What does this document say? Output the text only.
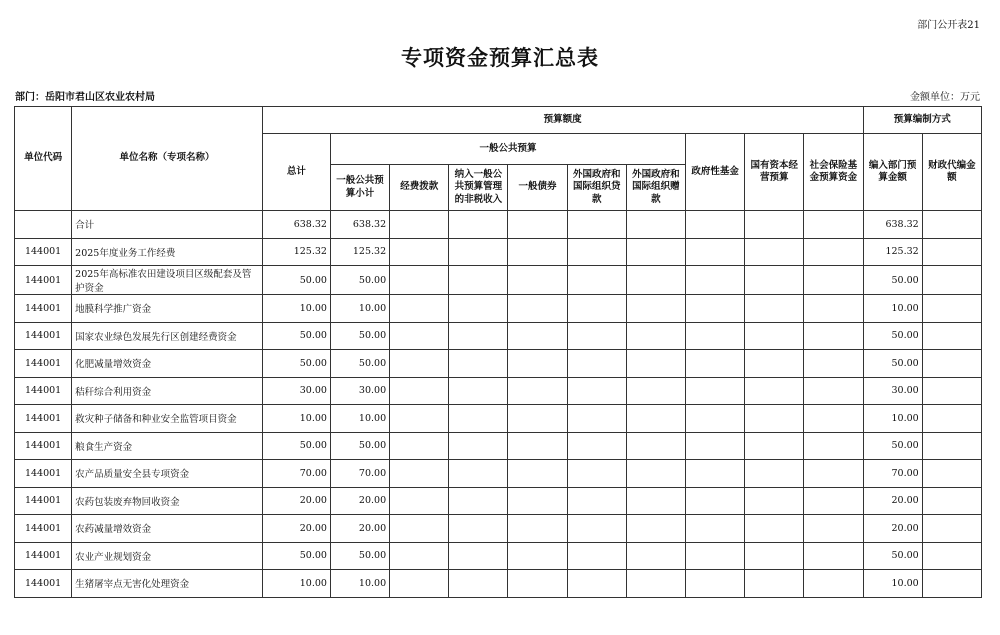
部门公开表21
专项资金预算汇总表
部门：岳阳市君山区农业农村局	金额单位：万元
单位代码	单位名称（专项名称）	预算额度										预算编制方式	
		总计	一般公共预算						政府性基金	国有资本经营预算	社会保险基金预算资金	编入部门预算金额	财政代编金额
			一般公共预算小计	经费拨款	纳入一般公共预算管理的非税收入	一般债券	外国政府和国际组织贷款	外国政府和国际组织赠款					
	合计	638.32	638.32									638.32	
144001	2025年度业务工作经费	125.32	125.32									125.32	
144001	2025年高标准农田建设项目区级配套及管护资金	50.00	50.00									50.00	
144001	地膜科学推广资金	10.00	10.00									10.00	
144001	国家农业绿色发展先行区创建经费资金	50.00	50.00									50.00	
144001	化肥减量增效资金	50.00	50.00									50.00	
144001	秸秆综合利用资金	30.00	30.00									30.00	
144001	救灾种子储备和种业安全监管项目资金	10.00	10.00									10.00	
144001	粮食生产资金	50.00	50.00									50.00	
144001	农产品质量安全县专项资金	70.00	70.00									70.00	
144001	农药包装废弃物回收资金	20.00	20.00									20.00	
144001	农药减量增效资金	20.00	20.00									20.00	
144001	农业产业规划资金	50.00	50.00									50.00	
144001	生猪屠宰点无害化处理资金	10.00	10.00									10.00	
